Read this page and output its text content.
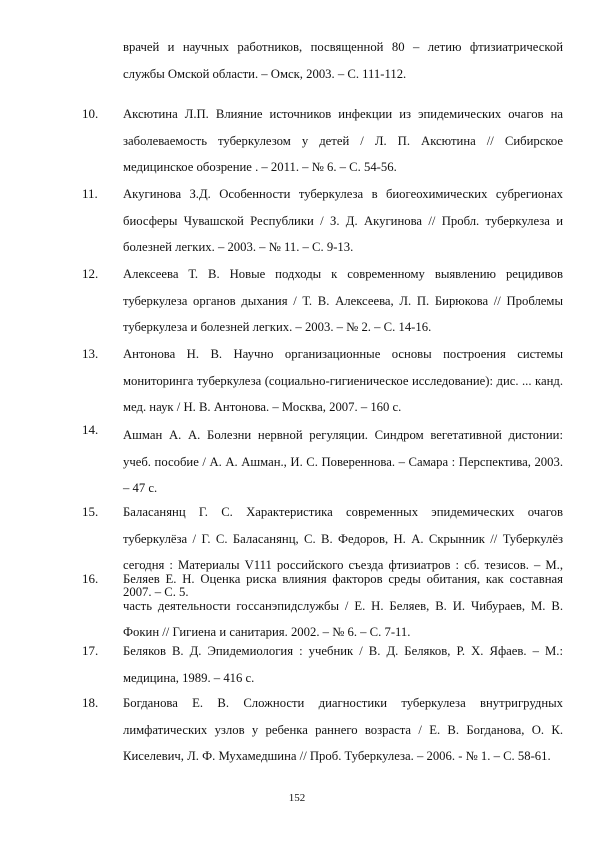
врачей и научных работников, посвященной 80 – летию фтизиатрической службы Омской области. – Омск, 2003. – С. 111-112.
10. Аксютина Л.П. Влияние источников инфекции из эпидемических очагов на заболеваемость туберкулезом у детей / Л. П. Аксютина // Сибирское медицинское обозрение . – 2011. – № 6. – С. 54-56.
11. Акугинова З.Д. Особенности туберкулеза в биогеохимических субрегионах биосферы Чувашской Республики / З. Д. Акугинова // Пробл. туберкулеза и болезней легких. – 2003. – № 11. – С. 9-13.
12. Алексеева Т. В. Новые подходы к современному выявлению рецидивов туберкулеза органов дыхания / Т. В. Алексеева, Л. П. Бирюкова // Проблемы туберкулеза и болезней легких. – 2003. – № 2. – С. 14-16.
13. Антонова Н. В. Научно организационные основы построения системы мониторинга туберкулеза (социально-гигиеническое исследование): дис. ... канд. мед. наук / Н. В. Антонова. – Москва, 2007. – 160 с.
14. Ашман А. А. Болезни нервной регуляции. Синдром вегетативной дистонии: учеб. пособие / А. А. Ашман., И. С. Поверeннова. – Самара : Перспектива, 2003. – 47 с.
15. Баласанянц Г. С. Характеристика современных эпидемических очагов туберкулёза / Г. С. Баласанянц, С. В. Федоров, Н. А. Скрынник // Туберкулёз сегодня : Материалы V111 российского съезда фтизиатров : сб. тезисов. – М., 2007. – С. 5.
16. Беляев Е. Н. Оценка риска влияния факторов среды обитания, как составная часть деятельности госсанэпидслужбы / Е. Н. Беляев, В. И. Чибураев, М. В. Фокин // Гигиена и санитария. 2002. – № 6. – С. 7-11.
17. Беляков В. Д. Эпидемиология : учебник / В. Д. Беляков, Р. Х. Яфаев. – М.: медицина, 1989. – 416 с.
18. Богданова Е. В. Сложности диагностики туберкулеза внутригрудных лимфатических узлов у ребенка раннего возраста / Е. В. Богданова, О. К. Киселевич, Л. Ф. Мухамедшина // Проб. Туберкулеза. – 2006. - № 1. – С. 58-61.
152
